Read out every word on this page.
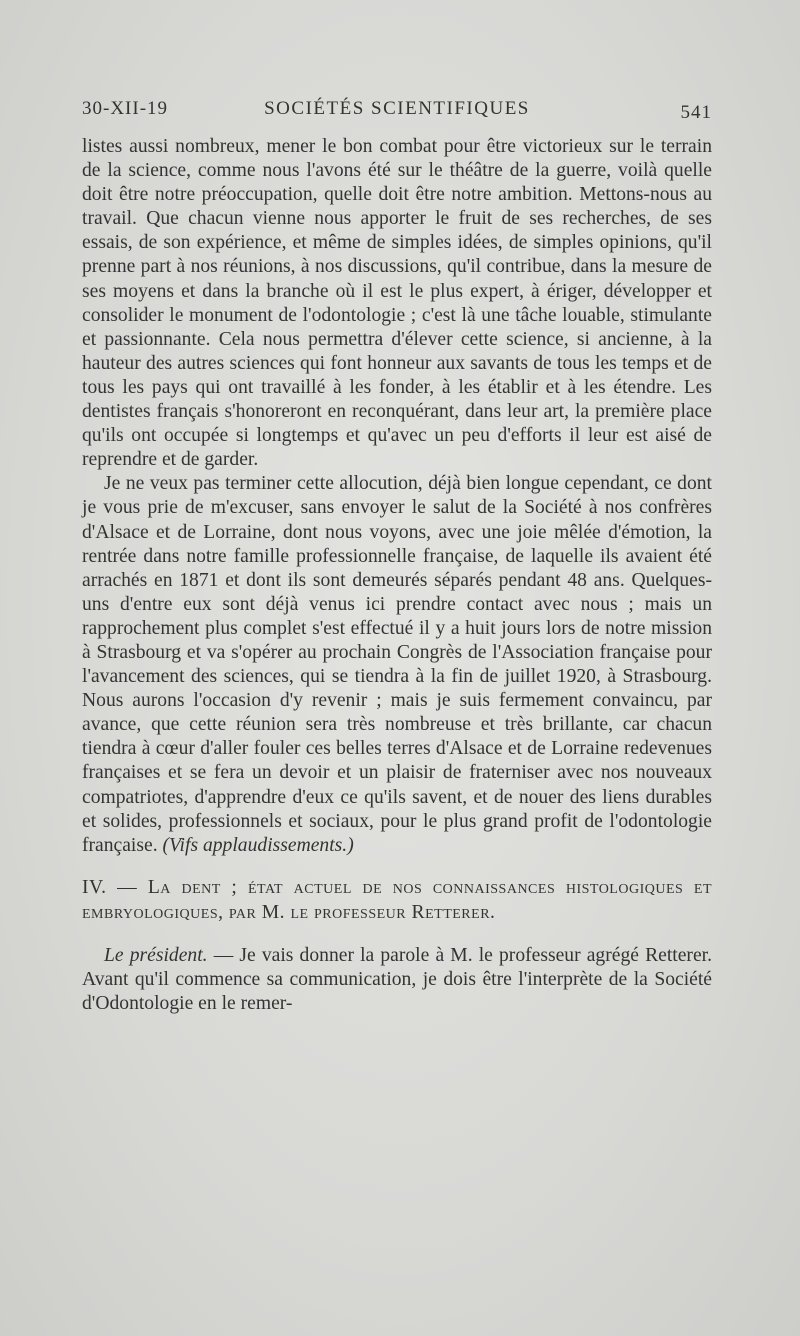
30-XII-19	SOCIÉTÉS SCIENTIFIQUES	541

listes aussi nombreux, mener le bon combat pour être victorieux sur le terrain de la science, comme nous l'avons été sur le théâtre de la guerre, voilà quelle doit être notre préoccupation, quelle doit être notre ambition. Mettons-nous au travail. Que chacun vienne nous apporter le fruit de ses recherches, de ses essais, de son expérience, et même de simples idées, de simples opinions, qu'il prenne part à nos réunions, à nos discussions, qu'il contribue, dans la mesure de ses moyens et dans la branche où il est le plus expert, à ériger, développer et consolider le monument de l'odontologie ; c'est là une tâche louable, stimulante et passionnante. Cela nous permettra d'élever cette science, si ancienne, à la hauteur des autres sciences qui font honneur aux savants de tous les temps et de tous les pays qui ont travaillé à les fonder, à les établir et à les étendre. Les dentistes français s'honoreront en reconquérant, dans leur art, la première place qu'ils ont occupée si longtemps et qu'avec un peu d'efforts il leur est aisé de reprendre et de garder.

Je ne veux pas terminer cette allocution, déjà bien longue cependant, ce dont je vous prie de m'excuser, sans envoyer le salut de la Société à nos confrères d'Alsace et de Lorraine, dont nous voyons, avec une joie mêlée d'émotion, la rentrée dans notre famille professionnelle française, de laquelle ils avaient été arrachés en 1871 et dont ils sont demeurés séparés pendant 48 ans. Quelques-uns d'entre eux sont déjà venus ici prendre contact avec nous ; mais un rapprochement plus complet s'est effectué il y a huit jours lors de notre mission à Strasbourg et va s'opérer au prochain Congrès de l'Association française pour l'avancement des sciences, qui se tiendra à la fin de juillet 1920, à Strasbourg. Nous aurons l'occasion d'y revenir ; mais je suis fermement convaincu, par avance, que cette réunion sera très nombreuse et très brillante, car chacun tiendra à cœur d'aller fouler ces belles terres d'Alsace et de Lorraine redevenues françaises et se fera un devoir et un plaisir de fraterniser avec nos nouveaux compatriotes, d'apprendre d'eux ce qu'ils savent, et de nouer des liens durables et solides, professionnels et sociaux, pour le plus grand profit de l'odontologie française. (Vifs applaudissements.)

IV. — La dent ; état actuel de nos connaissances histologiques et embryologiques, par M. le professeur Retterer.

Le président. — Je vais donner la parole à M. le professeur agrégé Retterer. Avant qu'il commence sa communication, je dois être l'interprète de la Société d'Odontologie en le remer-
